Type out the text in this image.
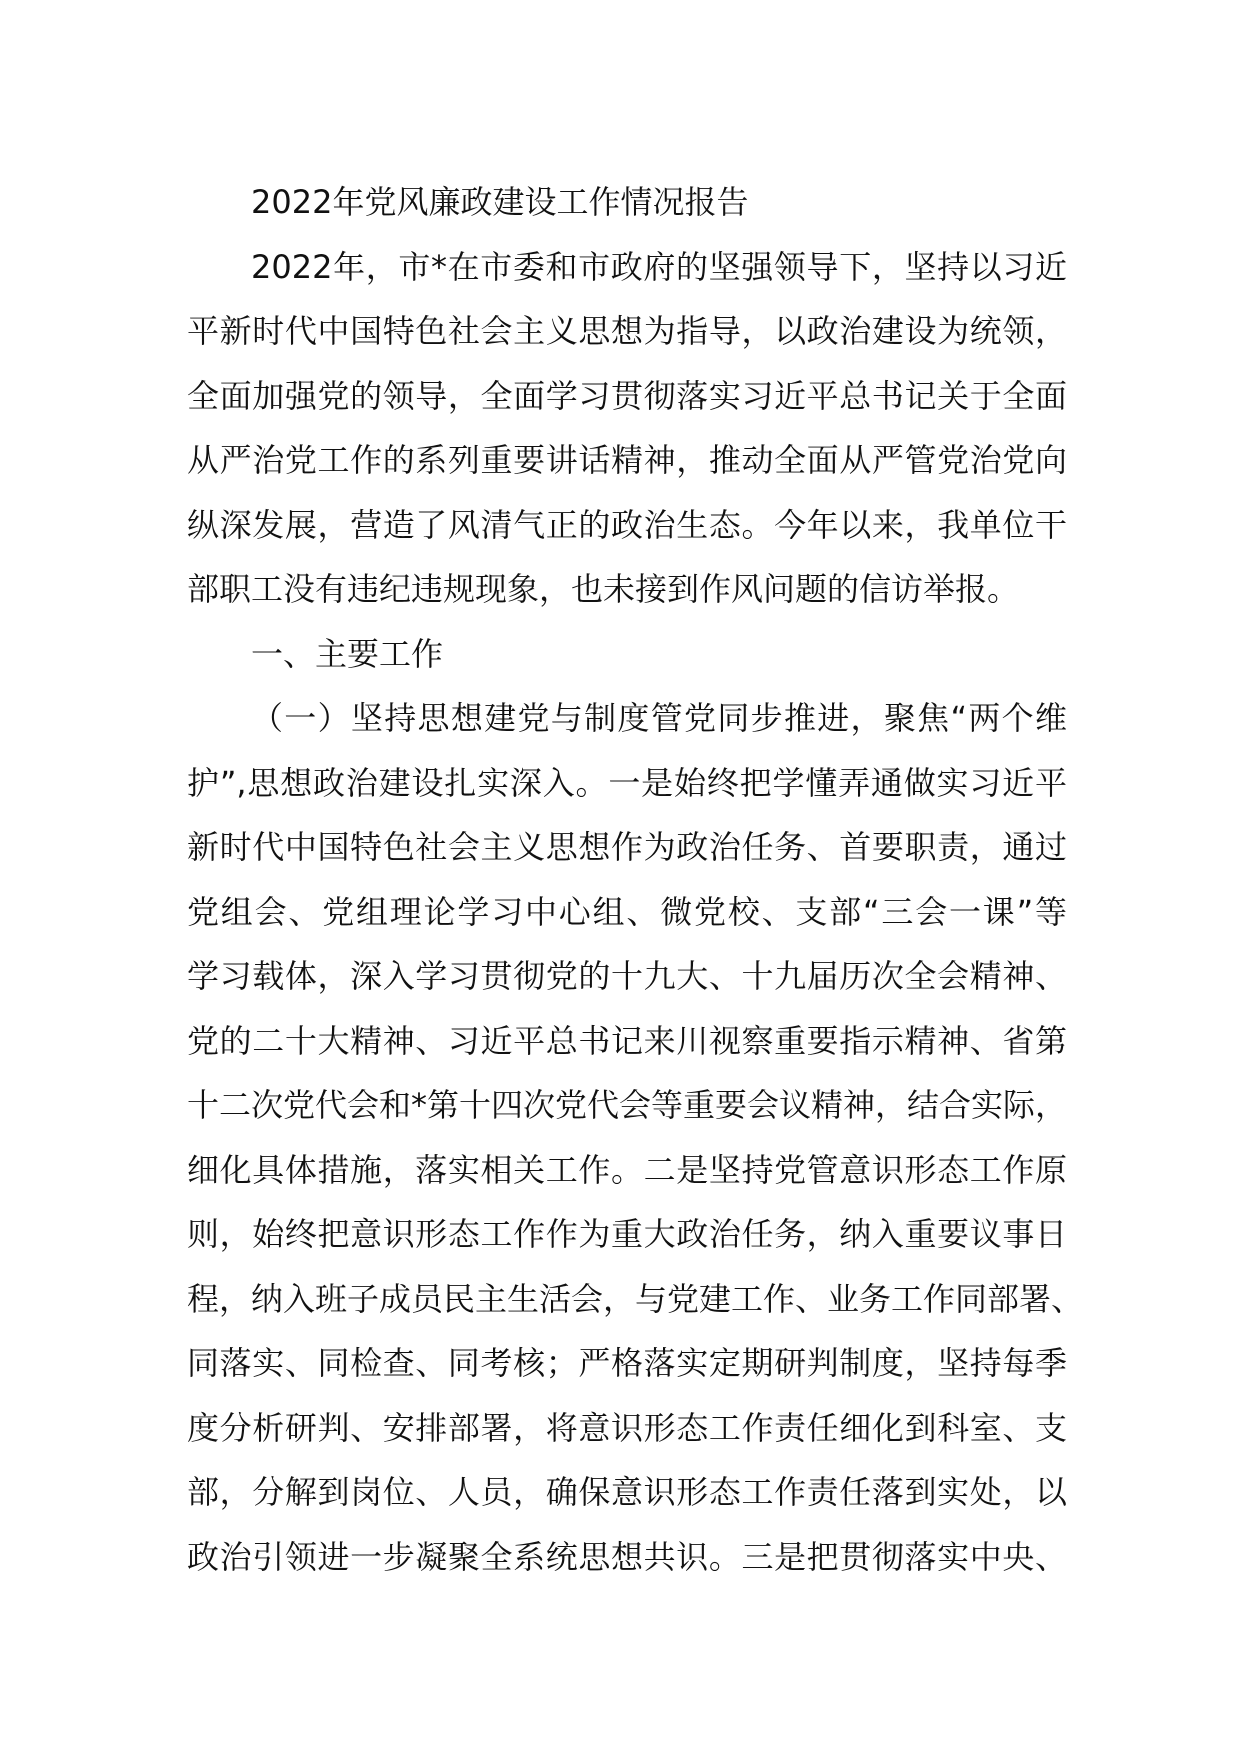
2022年党风廉政建设工作情况报告
2022年，市*在市委和市政府的坚强领导下，坚持以习近
平新时代中国特色社会主义思想为指导，以政治建设为统领，
全面加强党的领导，全面学习贯彻落实习近平总书记关于全面
从严治党工作的系列重要讲话精神，推动全面从严管党治党向
纵深发展，营造了风清气正的政治生态。今年以来，我单位干
部职工没有违纪违规现象，也未接到作风问题的信访举报。
一、主要工作
（一）坚持思想建党与制度管党同步推进，聚焦“两个维
护”,思想政治建设扎实深入。一是始终把学懂弄通做实习近平
新时代中国特色社会主义思想作为政治任务、首要职责，通过
党组会、党组理论学习中心组、微党校、支部“三会一课”等
学习载体，深入学习贯彻党的十九大、十九届历次全会精神、
党的二十大精神、习近平总书记来川视察重要指示精神、省第
十二次党代会和*第十四次党代会等重要会议精神，结合实际，
细化具体措施，落实相关工作。二是坚持党管意识形态工作原
则，始终把意识形态工作作为重大政治任务，纳入重要议事日
程，纳入班子成员民主生活会，与党建工作、业务工作同部署、
同落实、同检查、同考核；严格落实定期研判制度，坚持每季
度分析研判、安排部署，将意识形态工作责任细化到科室、支
部，分解到岗位、人员，确保意识形态工作责任落到实处，以
政治引领进一步凝聚全系统思想共识。三是把贯彻落实中央、
